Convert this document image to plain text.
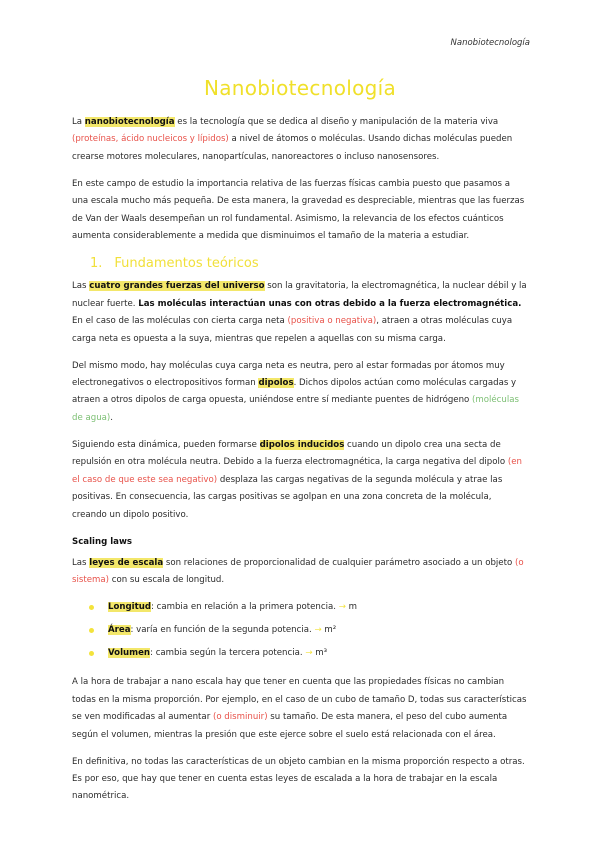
Nanobiotecnología
Nanobiotecnología

La nanobiotecnología es la tecnología que se dedica al diseño y manipulación de la materia viva (proteínas, ácido nucleicos y lípidos) a nivel de átomos o moléculas. Usando dichas moléculas pueden crearse motores moleculares, nanopartículas, nanoreactores o incluso nanosensores.

En este campo de estudio la importancia relativa de las fuerzas físicas cambia puesto que pasamos a una escala mucho más pequeña. De esta manera, la gravedad es despreciable, mientras que las fuerzas de Van der Waals desempeñan un rol fundamental. Asimismo, la relevancia de los efectos cuánticos aumenta considerablemente a medida que disminuimos el tamaño de la materia a estudiar.

1. Fundamentos teóricos

Las cuatro grandes fuerzas del universo son la gravitatoria, la electromagnética, la nuclear débil y la nuclear fuerte. Las moléculas interactúan unas con otras debido a la fuerza electromagnética. En el caso de las moléculas con cierta carga neta (positiva o negativa), atraen a otras moléculas cuya carga neta es opuesta a la suya, mientras que repelen a aquellas con su misma carga.

Del mismo modo, hay moléculas cuya carga neta es neutra, pero al estar formadas por átomos muy electronegativos o electropositivos forman dipolos. Dichos dipolos actúan como moléculas cargadas y atraen a otros dipolos de carga opuesta, uniéndose entre sí mediante puentes de hidrógeno (moléculas de agua).

Siguiendo esta dinámica, pueden formarse dipolos inducidos cuando un dipolo crea una secta de repulsión en otra molécula neutra. Debido a la fuerza electromagnética, la carga negativa del dipolo (en el caso de que este sea negativo) desplaza las cargas negativas de la segunda molécula y atrae las positivas. En consecuencia, las cargas positivas se agolpan en una zona concreta de la molécula, creando un dipolo positivo.

Scaling laws

Las leyes de escala son relaciones de proporcionalidad de cualquier parámetro asociado a un objeto (o sistema) con su escala de longitud.

Longitud: cambia en relación a la primera potencia. → m
Área: varía en función de la segunda potencia. → m²
Volumen: cambia según la tercera potencia. → m³

A la hora de trabajar a nano escala hay que tener en cuenta que las propiedades físicas no cambian todas en la misma proporción. Por ejemplo, en el caso de un cubo de tamaño D, todas sus características se ven modificadas al aumentar (o disminuir) su tamaño. De esta manera, el peso del cubo aumenta según el volumen, mientras la presión que este ejerce sobre el suelo está relacionada con el área.

En definitiva, no todas las características de un objeto cambian en la misma proporción respecto a otras. Es por eso, que hay que tener en cuenta estas leyes de escalada a la hora de trabajar en la escala nanométrica.
